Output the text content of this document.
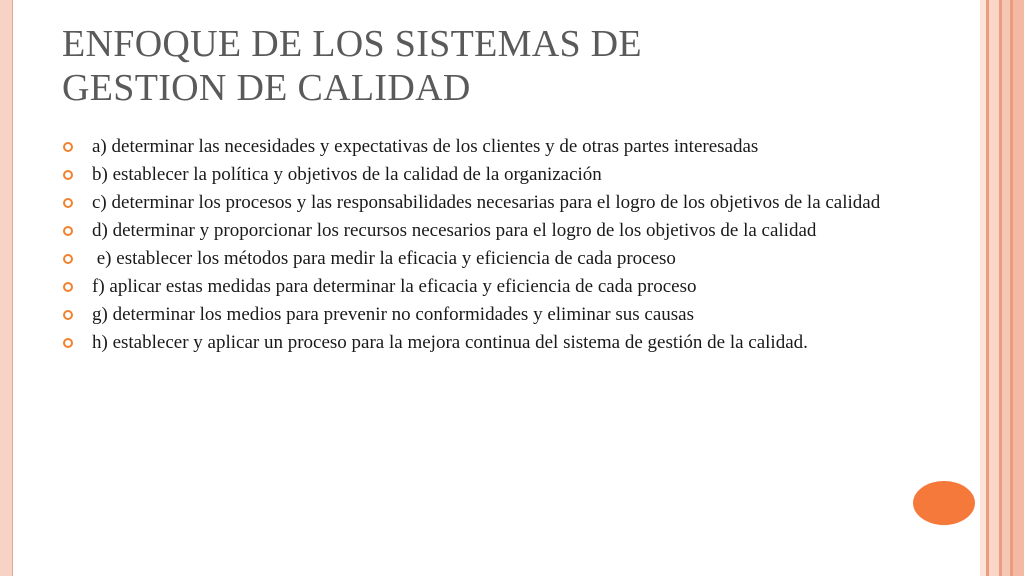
ENFOQUE DE LOS SISTEMAS DE
GESTION DE CALIDAD
a) determinar las necesidades y expectativas de los clientes y de otras partes interesadas
b) establecer la política y objetivos de la calidad de la organización
c) determinar los procesos y las responsabilidades necesarias para el logro de los objetivos de la calidad
d) determinar y proporcionar los recursos necesarios para el logro de los objetivos de la calidad
e) establecer los métodos para medir la eficacia y eficiencia de cada proceso
f) aplicar estas medidas para determinar la eficacia y eficiencia de cada proceso
g) determinar los medios para prevenir no conformidades y eliminar sus causas
h) establecer y aplicar un proceso para la mejora continua del sistema de gestión de la calidad.
